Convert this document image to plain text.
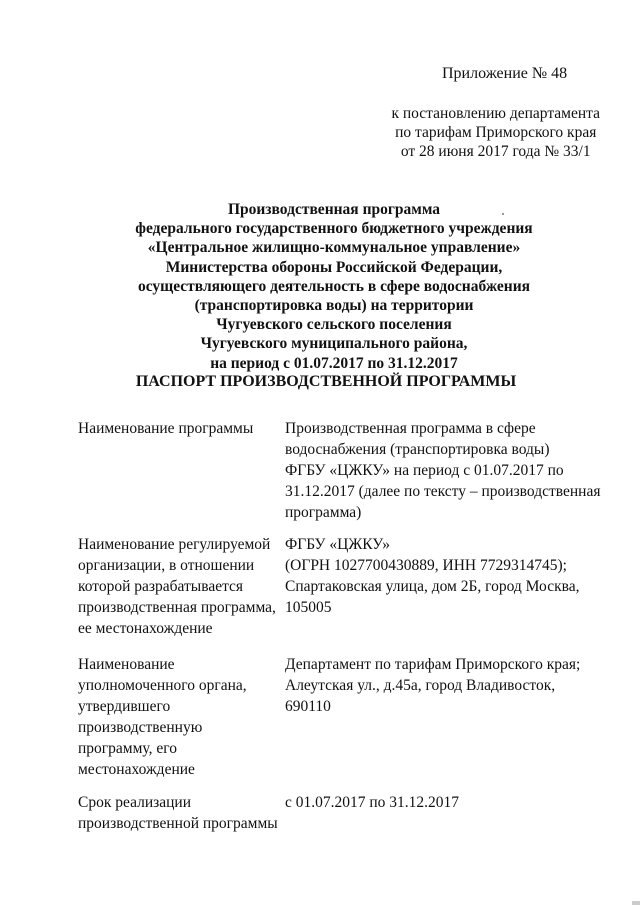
Приложение № 48
к постановлению департамента
по тарифам Приморского края
от 28 июня 2017 года № 33/1
Производственная программа
федерального государственного бюджетного учреждения
«Центральное жилищно-коммунальное управление»
Министерства обороны Российской Федерации,
осуществляющего деятельность в сфере водоснабжения
(транспортировка воды) на территории
Чугуевского сельского поселения
Чугуевского муниципального района,
на период с 01.07.2017 по 31.12.2017
ПАСПОРТ ПРОИЗВОДСТВЕННОЙ ПРОГРАММЫ
Наименование программы	Производственная программа в сфере
водоснабжения (транспортировка воды)
ФГБУ «ЦЖКУ» на период с 01.07.2017 по
31.12.2017 (далее по тексту – производственная
программа)
Наименование регулируемой
организации, в отношении
которой разрабатывается
производственная программа,
ее местонахождение
ФГБУ «ЦЖКУ»
(ОГРН 1027700430889, ИНН 7729314745);
Спартаковская улица, дом 2Б, город Москва,
105005
Наименование
уполномоченного органа,
утвердившего
производственную
программу, его
местонахождение
Департамент по тарифам Приморского края;
Алеутская ул., д.45а, город Владивосток,
690110
Срок реализации
производственной программы
с 01.07.2017 по 31.12.2017
